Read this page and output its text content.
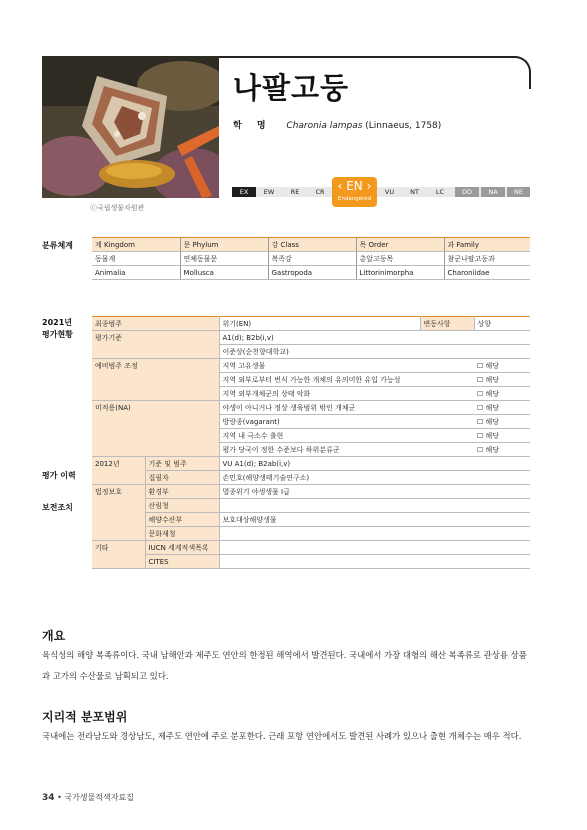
ⓒ국립생물자원관
나팔고둥
학 명 Charonia lampas (Linnaeus, 1758)
EX	EW	RE	CR	‹ EN ›
Endangered
VU	NT	LC	DD	NA	NE
분류체계	계 Kingdom	문 Phylum	강 Class	목 Order	과 Family
동물계	연체동물문	복족강	총알고둥목	참군나팔고둥과
Animalia	Mollusca	Gastropoda	Littorinimorpha	Charoniidae
2021년
평가현황
평가 이력
보전조치
최종범주		위기(EN)	변동사항	상향
평가기준		A1(d); B2b(i,v)		
		이준상(순천향대학교)		
예비범주 조정		지역 고유생물		☐ 해당
		지역 외부로부터 번식 가능한 개체의 유의미한 유입 가능성		☐ 해당
		지역 외부개체군의 상태 악화		☐ 해당
미적용(NA)		야생이 아니거나 정상 생육범위 밖인 개체군		☐ 해당
		방랑종(vagarant)		☐ 해당
		지역 내 극소수 출현		☐ 해당
		평가 당국이 정한 수준보다 하위분류군		☐ 해당
2012년	기준 및 범주	VU A1(d); B2ab(i,v)		
	집필자	손민호(해양생태기술연구소)		
법정보호	환경부	멸종위기 야생생물 Ⅰ급		
	산림청			
	해양수산부	보호대상해양생물		
	문화재청			
기타	IUCN 세계적색목록			
	CITES			
개요
육식성의 해양 복족류이다. 국내 남해안과 제주도 연안의 한정된 해역에서 발견된다. 국내에서 가장 대형의 해산 복족류로 관상용 상품과 고가의 수산물로 남획되고 있다.
지리적 분포범위
국내에는 전라남도와 경상남도, 제주도 연안에 주로 분포한다. 근래 포항 연안에서도 발견된 사례가 있으나 출현 개체수는 매우 적다.
34 • 국가생물적색자료집
